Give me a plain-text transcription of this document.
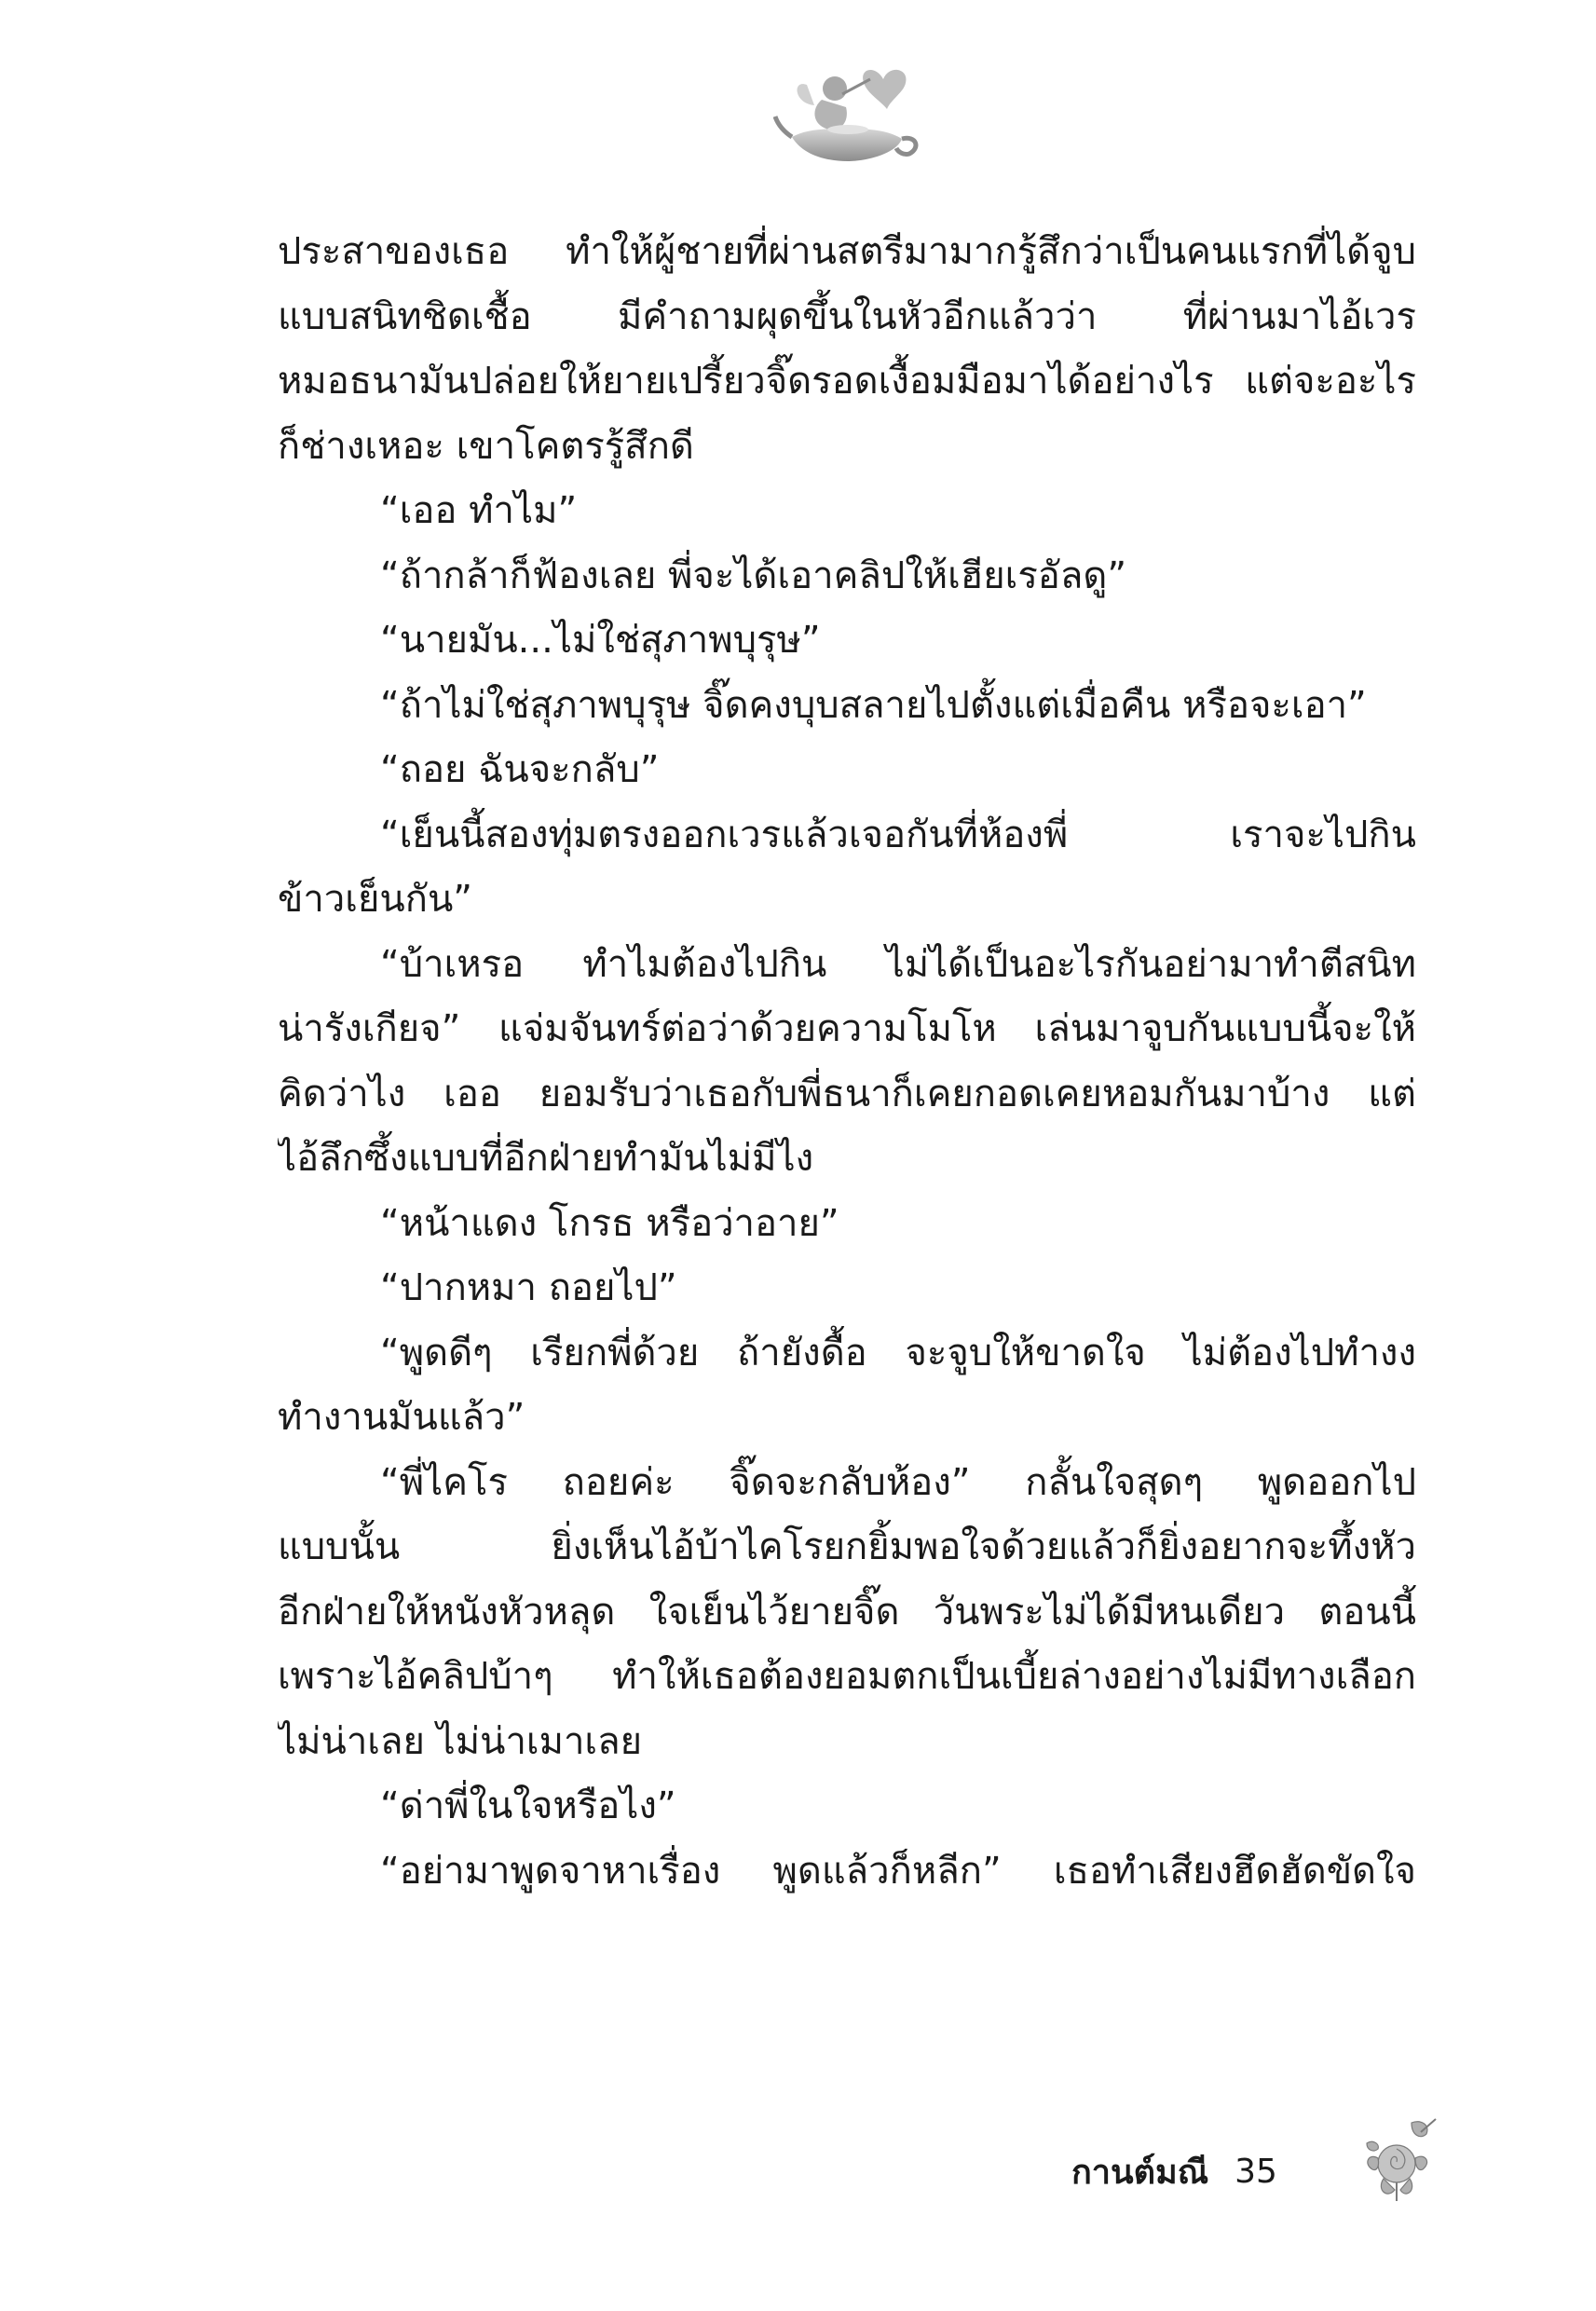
ประสาของเธอ ทำให้ผู้ชายที่ผ่านสตรีมามากรู้สึกว่าเป็นคนแรกที่ได้จูบ
แบบสนิทชิดเชื้อ มีคำถามผุดขึ้นในหัวอีกแล้วว่า ที่ผ่านมาไอ้เวร
หมอธนามันปล่อยให้ยายเปรี้ยวจิ๊ดรอดเงื้อมมือมาได้อย่างไร แต่จะอะไร
ก็ช่างเหอะ เขาโคตรรู้สึกดี
“เออ ทำไม”
“ถ้ากล้าก็ฟ้องเลย พี่จะได้เอาคลิปให้เฮียเรอัลดู”
“นายมัน...ไม่ใช่สุภาพบุรุษ”
“ถ้าไม่ใช่สุภาพบุรุษ จิ๊ดคงบุบสลายไปตั้งแต่เมื่อคืน หรือจะเอา”
“ถอย ฉันจะกลับ”
“เย็นนี้สองทุ่มตรงออกเวรแล้วเจอกันที่ห้องพี่ เราจะไปกิน
ข้าวเย็นกัน”
“บ้าเหรอ ทำไมต้องไปกิน ไม่ได้เป็นอะไรกันอย่ามาทำตีสนิท
น่ารังเกียจ” แจ่มจันทร์ต่อว่าด้วยความโมโห เล่นมาจูบกันแบบนี้จะให้
คิดว่าไง เออ ยอมรับว่าเธอกับพี่ธนาก็เคยกอดเคยหอมกันมาบ้าง แต่
ไอ้ลึกซึ้งแบบที่อีกฝ่ายทำมันไม่มีไง
“หน้าแดง โกรธ หรือว่าอาย”
“ปากหมา ถอยไป”
“พูดดีๆ เรียกพี่ด้วย ถ้ายังดื้อ จะจูบให้ขาดใจ ไม่ต้องไปทำงง
ทำงานมันแล้ว”
“พี่ไคโร ถอยค่ะ จิ๊ดจะกลับห้อง” กลั้นใจสุดๆ พูดออกไป
แบบนั้น ยิ่งเห็นไอ้บ้าไคโรยกยิ้มพอใจด้วยแล้วก็ยิ่งอยากจะทึ้งหัว
อีกฝ่ายให้หนังหัวหลุด ใจเย็นไว้ยายจิ๊ด วันพระไม่ได้มีหนเดียว ตอนนี้
เพราะไอ้คลิปบ้าๆ ทำให้เธอต้องยอมตกเป็นเบี้ยล่างอย่างไม่มีทางเลือก
ไม่น่าเลย ไม่น่าเมาเลย
“ด่าพี่ในใจหรือไง”
“อย่ามาพูดจาหาเรื่อง พูดแล้วก็หลีก” เธอทำเสียงฮึดฮัดขัดใจ
กานต์มณี 35
